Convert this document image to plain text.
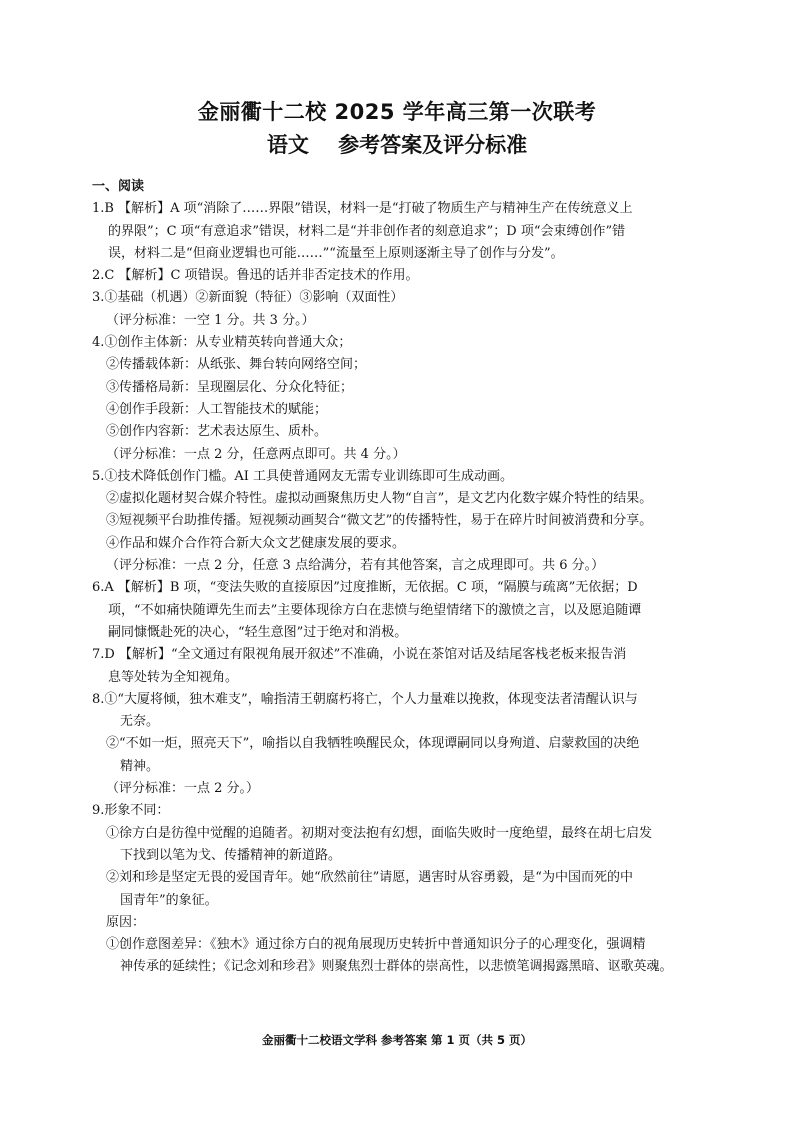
金丽衢十二校 2025 学年高三第一次联考
语文    参考答案及评分标准
一、阅读
1.B 【解析】A 项“消除了……界限”错误，材料一是“打破了物质生产与精神生产在传统意义上
的界限”；C 项“有意追求”错误，材料二是“并非创作者的刻意追求”；D 项“会束缚创作”错
误，材料二是“但商业逻辑也可能……”“流量至上原则逐渐主导了创作与分发”。
2.C 【解析】C 项错误。鲁迅的话并非否定技术的作用。
3.①基础（机遇）②新面貌（特征）③影响（双面性）
（评分标准：一空 1 分。共 3 分。）
4.①创作主体新：从专业精英转向普通大众；
②传播载体新：从纸张、舞台转向网络空间；
③传播格局新：呈现圈层化、分众化特征；
④创作手段新：人工智能技术的赋能；
⑤创作内容新：艺术表达原生、质朴。
（评分标准：一点 2 分，任意两点即可。共 4 分。）
5.①技术降低创作门槛。AI 工具使普通网友无需专业训练即可生成动画。
②虚拟化题材契合媒介特性。虚拟动画聚焦历史人物“自言”，是文艺内化数字媒介特性的结果。
③短视频平台助推传播。短视频动画契合“微文艺”的传播特性，易于在碎片时间被消费和分享。
④作品和媒介合作符合新大众文艺健康发展的要求。
（评分标准：一点 2 分，任意 3 点给满分，若有其他答案，言之成理即可。共 6 分。）
6.A 【解析】B 项，“变法失败的直接原因”过度推断，无依据。C 项，“隔膜与疏离”无依据；D
项，“不如痛快随谭先生而去”主要体现徐方白在悲愤与绝望情绪下的激愤之言，以及愿追随谭
嗣同慷慨赴死的决心，“轻生意图”过于绝对和消极。
7.D 【解析】“全文通过有限视角展开叙述”不准确，小说在茶馆对话及结尾客栈老板来报告消
息等处转为全知视角。
8.①“大厦将倾，独木难支”，喻指清王朝腐朽将亡，个人力量难以挽救，体现变法者清醒认识与
无奈。
②“不如一炬，照亮天下”，喻指以自我牺牲唤醒民众，体现谭嗣同以身殉道、启蒙救国的决绝
精神。
（评分标准：一点 2 分。）
9.形象不同：
①徐方白是彷徨中觉醒的追随者。初期对变法抱有幻想，面临失败时一度绝望，最终在胡七启发
下找到以笔为戈、传播精神的新道路。
②刘和珍是坚定无畏的爱国青年。她“欣然前往”请愿，遇害时从容勇毅，是“为中国而死的中
国青年”的象征。
原因：
①创作意图差异：《独木》通过徐方白的视角展现历史转折中普通知识分子的心理变化，强调精
神传承的延续性；《记念刘和珍君》则聚焦烈士群体的崇高性，以悲愤笔调揭露黑暗、讴歌英魂。
金丽衢十二校语文学科 参考答案 第 1 页（共 5 页）
